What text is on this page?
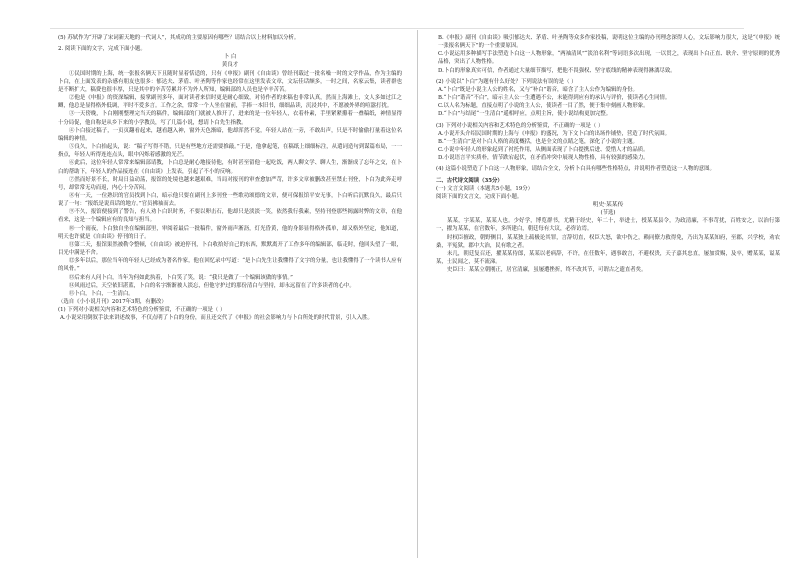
(5) 苏轼作为“开辟了宋词新天地的一代词人”，其成功的主要原因有哪些？请结合以上材料加以分析。

2. 阅读下面的文字，完成下面小题。

卜 白

黄良才

①民国时期的上海，统一张报名俩天下且随时显着恬适的，只有《申报》副刊《自由谈》曾经刊载过一批名噪一时的文学作品，作为主编的卜白，在上面发表的杂感有朋友也很多：郁达夫、茅盾、叶圣陶等作家也经常在这里发表文章，文坛佳话颇多，一时之间，名家云集，读者群也是不断扩大，稿费也很丰厚，只是其中的辛苦劳累并不为外人所知，编辑部的人员也是辛辛苦苦。

②他是《申报》的资深编辑，接掌副刊多年，面对读者来信时更是耐心细致，对待作者的来稿也非常认真，然而上海滩上，文人多如过江之鲫，他总是显得格外低调，平时不爱多言。工作之余，常常一个人坐在窗前，手捧一本旧书，细细品读，沉浸其中，不愿被外界的喧嚣打扰。

③一天傍晚，卜白刚刚整理完当天的稿件，编辑部的门就被人推开了，进来的是一位年轻人，衣着朴素，手里紧紧攥着一叠稿纸，神情显得十分局促，他自称是从乡下来的小学教员，写了几篇小说，想请卜白先生指教。

④卜白接过稿子，一页页翻看起来，越看越入神，窗外天色渐暗，他却浑然不觉，年轻人站在一旁，不敢出声，只是不时偷偷打量着这位名编辑的神情。

⑤良久，卜白抬起头，说：“稿子写得不错，只是有些地方还需要推敲。”于是，他拿起笔，在稿纸上细细标注，从遣词造句到谋篇布局，一一指点，年轻人听得连连点头，眼中闪烁着感激的光芒。

⑥此后，这位年轻人常常来编辑部请教，卜白总是耐心地接待他，有时甚至留他一起吃饭，两人聊文学、聊人生，渐渐成了忘年之交，在卜白的帮助下，年轻人的作品接连在《自由谈》上发表，引起了不小的反响。

⑦然而好景不长，时局日益动荡，报馆的处境也越来越艰难，当局对报刊的审查愈加严苛，许多文章被删改甚至禁止刊登，卜白为此奔走呼号，却常常无功而返，内心十分苦闷。

⑧有一天，一位熟识的官员找到卜白，暗示他只要在副刊上多刊登一些歌功颂德的文章，便可保报馆平安无事，卜白听后沉默良久，最后只说了一句：“报纸是说真话的地方。”官员拂袖而去。

⑨不久，报馆便接到了警告，有人劝卜白识时务，不要以卵击石，他却只是淡淡一笑，依然我行我素，坚持刊登那些揭露时弊的文章，在他看来，这是一个编辑应有的良知与担当。

⑩一个雨夜，卜白独自坐在编辑部里，审阅着最后一批稿件，窗外雨声淅沥，灯光昏黄，他的身影显得格外孤单，却又格外坚定，他知道，明天也许就是《自由谈》停刊的日子。

⑪第二天，报馆果然被勒令整顿，《自由谈》被迫停刊，卜白收拾好自己的东西，默默离开了工作多年的编辑部，临走时，他回头望了一眼，目光中满是不舍。

⑫多年以后，那位当年的年轻人已经成为著名作家，他在回忆录中写道：“是卜白先生让我懂得了文字的分量，也让我懂得了一个读书人应有的风骨。”

⑬后来有人问卜白，当年为何如此执着，卜白笑了笑，说：“我只是做了一个编辑该做的事情。”

⑭风雨过后，天空依旧湛蓝，卜白的名字渐渐被人淡忘，但他守护过的那份清白与坚持，却永远留在了许多读者的心中。

⑮卜白，卜白，一生清白。

（选自《小小说月刊》2017年3期，有删改）

(1) 下列对小说相关内容和艺术特色的分析鉴赏，不正确的一项是（ ）

A.小说采用倒叙手法来讲述故事，不仅点明了卜白的身份，而且还交代了《申报》的社会影响力与卜白所处的时代背景，引人入胜。

B.《申报》副刊《自由谈》吸引郁达夫、茅盾、叶圣陶等众多作家投稿，说明这位主编的办刊理念深得人心，文坛影响力很大，这是“《申报》统一张报名俩天下”的一个重要原因。

C.小说运用多种描写手法塑造卜白这一人物形象，“两袖清风”“淡泊名利”等词语多次出现，一以贯之，表现出卜白正直、耿介、坚守原则的优秀品格，突出了人物性格。

D.卜白的形象真实可信，作者通过大量细节描写，把他不畏强权、坚守底线的精神表现得淋漓尽致。

(2) 小说以“卜白”为题有什么好处？下列说法有误的是（ ）

A.“卜白”既是小说主人公的姓名，又与“补白”谐音，暗含了主人公作为编辑的身份。

B.“卜白”谐音“不白”，暗示主人公一生遭遇不公，未能得到应有的承认与评价，使读者心生同情。

C.以人名为标题，直接点明了小说的主人公，使读者一目了然，便于集中刻画人物形象。

D.“卜白”与结尾“一生清白”遥相呼应，点明主旨，使小说结构更加完整。

(3) 下列对小说相关内容和艺术特色的分析鉴赏，不正确的一项是（ ）

A.小说开头介绍民国时期的上海与《申报》的盛况，为下文卜白的出场作铺垫，营造了时代氛围。

B.“一生清白”是对卜白人格的高度概括，也是全文的点睛之笔，深化了小说的主题。

C.小说中年轻人的形象起到了衬托作用，从侧面表现了卜白提携后进、爱惜人才的品质。

D.小说语言平实质朴，情节跌宕起伏，在矛盾冲突中展现人物性格，具有较强的感染力。

(4) 这篇小说塑造了卜白这一人物形象，请结合全文，分析卜白具有哪些性格特点，并说明作者塑造这一人物的意图。

二、古代诗文阅读（35分）

(一) 文言文阅读（本题共5小题，19分）

阅读下面的文言文，完成下面小题。

明史·某某传

(节选)

某某，字某某，某某人也。少好学，博览群书，尤精于经史，年二十，举进士，授某某县令，为政清廉，不事苛扰，百姓安之，以治行第一，擢为某某，在官数年，多所建白，朝廷每有大议，必咨访焉。

时权臣擅政，朝野侧目，某某独上疏极论其罪，言辞切直，权臣大怒，欲中伤之，赖同僚力救得免，乃出为某某知府，至郡，兴学校，劝农桑，平冤狱，郡中大治，民有歌之者。

未几，朝廷复召还，擢某某侍郎，某某以老病辞，不许，在任数年，遇事敢言，不避权贵，天子嘉其忠直，屡加赏赐，及卒，赠某某，谥某某，士民闻之，莫不流涕。

史臣曰：某某立朝刚正，居官清廉，虽屡遭挫折，终不改其节，可谓古之遗直者矣。
